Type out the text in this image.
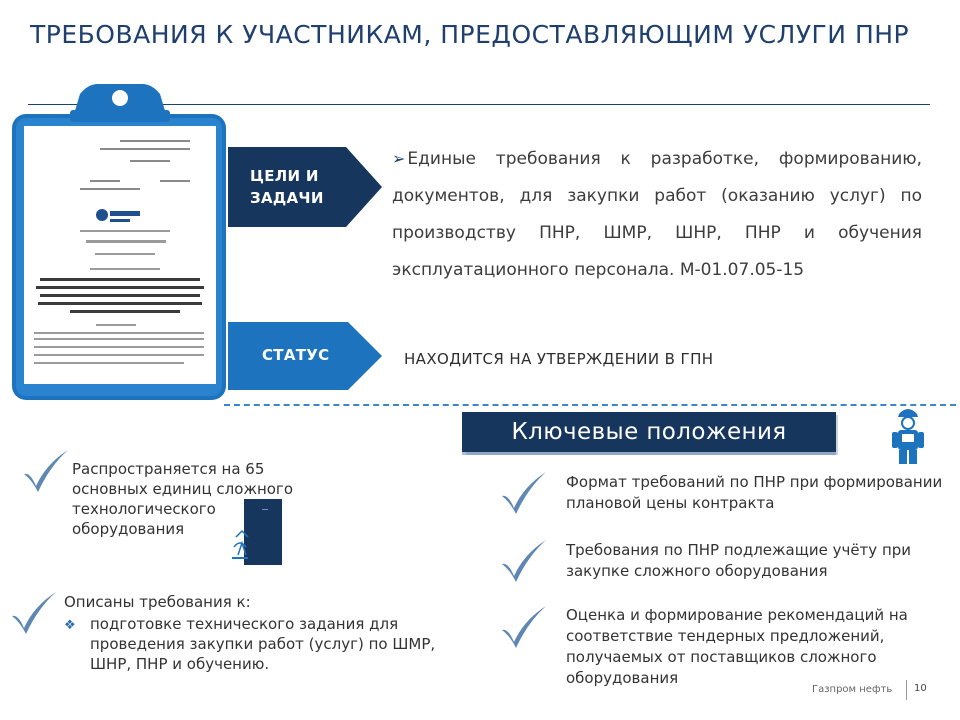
ТРЕБОВАНИЯ К УЧАСТНИКАМ, ПРЕДОСТАВЛЯЮЩИМ УСЛУГИ ПНР
ЦЕЛИ И
ЗАДАЧИ
➢ Единые требования к разработке, формированию, документов, для закупки работ (оказанию услуг) по производству ПНР, ШМР, ШНР, ПНР и обучения эксплуатационного персонала. М-01.07.05-15
СТАТУС	НАХОДИТСЯ НА УТВЕРЖДЕНИИ В ГПН
Ключевые положения
Распространяется на 65 основных единиц сложного технологического оборудования
Описаны требования к:
❖ подготовке технического задания для проведения закупки работ (услуг) по ШМР, ШНР, ПНР и обучению.
Формат требований по ПНР при формировании плановой цены контракта
Требования по ПНР подлежащие учёту при закупке сложного оборудования
Оценка и формирование рекомендаций на соответствие тендерных предложений, получаемых от поставщиков сложного оборудования
Газпром нефть 10
